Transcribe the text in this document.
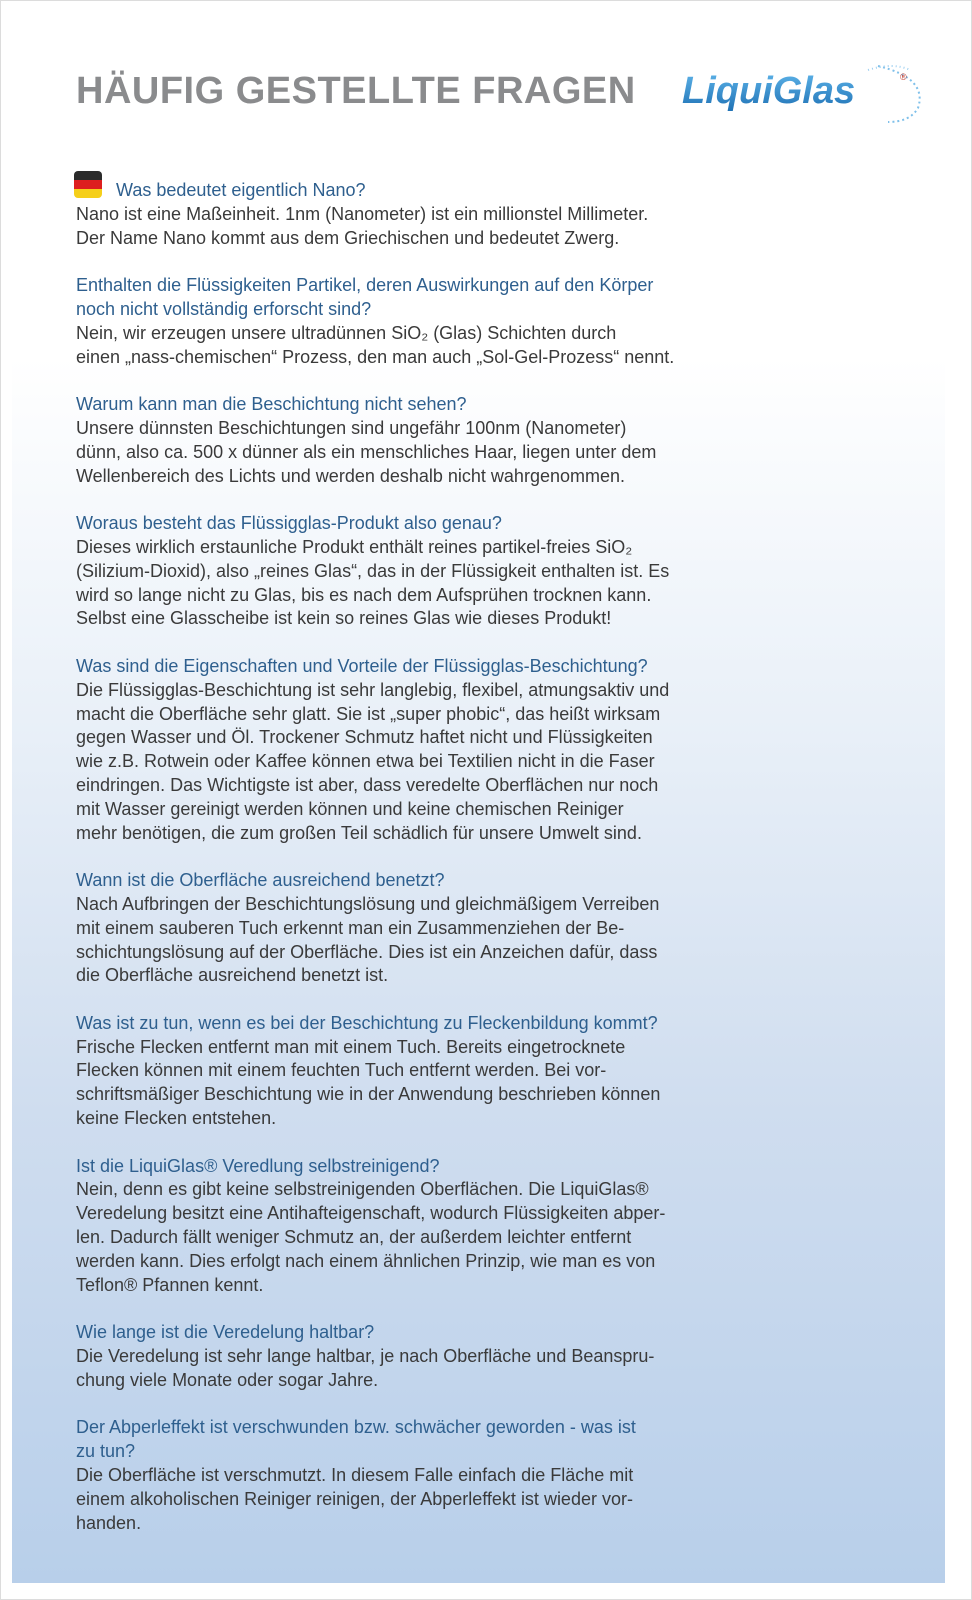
HÄUFIG GESTELLTE FRAGEN LiquiGlas	®
Was bedeutet eigentlich Nano?
Nano ist eine Maßeinheit. 1nm (Nanometer) ist ein millionstel Millimeter.
Der Name Nano kommt aus dem Griechischen und bedeutet Zwerg.
Enthalten die Flüssigkeiten Partikel, deren Auswirkungen auf den Körper
noch nicht vollständig erforscht sind?
Nein, wir erzeugen unsere ultradünnen SiO₂ (Glas) Schichten durch
einen „nass-chemischen“ Prozess, den man auch „Sol-Gel-Prozess“ nennt.
Warum kann man die Beschichtung nicht sehen?
Unsere dünnsten Beschichtungen sind ungefähr 100nm (Nanometer)
dünn, also ca. 500 x dünner als ein menschliches Haar, liegen unter dem
Wellenbereich des Lichts und werden deshalb nicht wahrgenommen.
Woraus besteht das Flüssigglas-Produkt also genau?
Dieses wirklich erstaunliche Produkt enthält reines partikel-freies SiO₂
(Silizium-Dioxid), also „reines Glas“, das in der Flüssigkeit enthalten ist. Es
wird so lange nicht zu Glas, bis es nach dem Aufsprühen trocknen kann.
Selbst eine Glasscheibe ist kein so reines Glas wie dieses Produkt!
Was sind die Eigenschaften und Vorteile der Flüssigglas-Beschichtung?
Die Flüssigglas-Beschichtung ist sehr langlebig, flexibel, atmungsaktiv und
macht die Oberfläche sehr glatt. Sie ist „super phobic“, das heißt wirksam
gegen Wasser und Öl. Trockener Schmutz haftet nicht und Flüssigkeiten
wie z.B. Rotwein oder Kaffee können etwa bei Textilien nicht in die Faser
eindringen. Das Wichtigste ist aber, dass veredelte Oberflächen nur noch
mit Wasser gereinigt werden können und keine chemischen Reiniger
mehr benötigen, die zum großen Teil schädlich für unsere Umwelt sind.
Wann ist die Oberfläche ausreichend benetzt?
Nach Aufbringen der Beschichtungslösung und gleichmäßigem Verreiben
mit einem sauberen Tuch erkennt man ein Zusammenziehen der Be-
schichtungslösung auf der Oberfläche. Dies ist ein Anzeichen dafür, dass
die Oberfläche ausreichend benetzt ist.
Was ist zu tun, wenn es bei der Beschichtung zu Fleckenbildung kommt?
Frische Flecken entfernt man mit einem Tuch. Bereits eingetrocknete
Flecken können mit einem feuchten Tuch entfernt werden. Bei vor-
schriftsmäßiger Beschichtung wie in der Anwendung beschrieben können
keine Flecken entstehen.
Ist die LiquiGlas® Veredlung selbstreinigend?
Nein, denn es gibt keine selbstreinigenden Oberflächen. Die LiquiGlas®
Veredelung besitzt eine Antihafteigenschaft, wodurch Flüssigkeiten abper-
len. Dadurch fällt weniger Schmutz an, der außerdem leichter entfernt
werden kann. Dies erfolgt nach einem ähnlichen Prinzip, wie man es von
Teflon® Pfannen kennt.
Wie lange ist die Veredelung haltbar?
Die Veredelung ist sehr lange haltbar, je nach Oberfläche und Beanspru-
chung viele Monate oder sogar Jahre.
Der Abperleffekt ist verschwunden bzw. schwächer geworden - was ist
zu tun?
Die Oberfläche ist verschmutzt. In diesem Falle einfach die Fläche mit
einem alkoholischen Reiniger reinigen, der Abperleffekt ist wieder vor-
handen.
